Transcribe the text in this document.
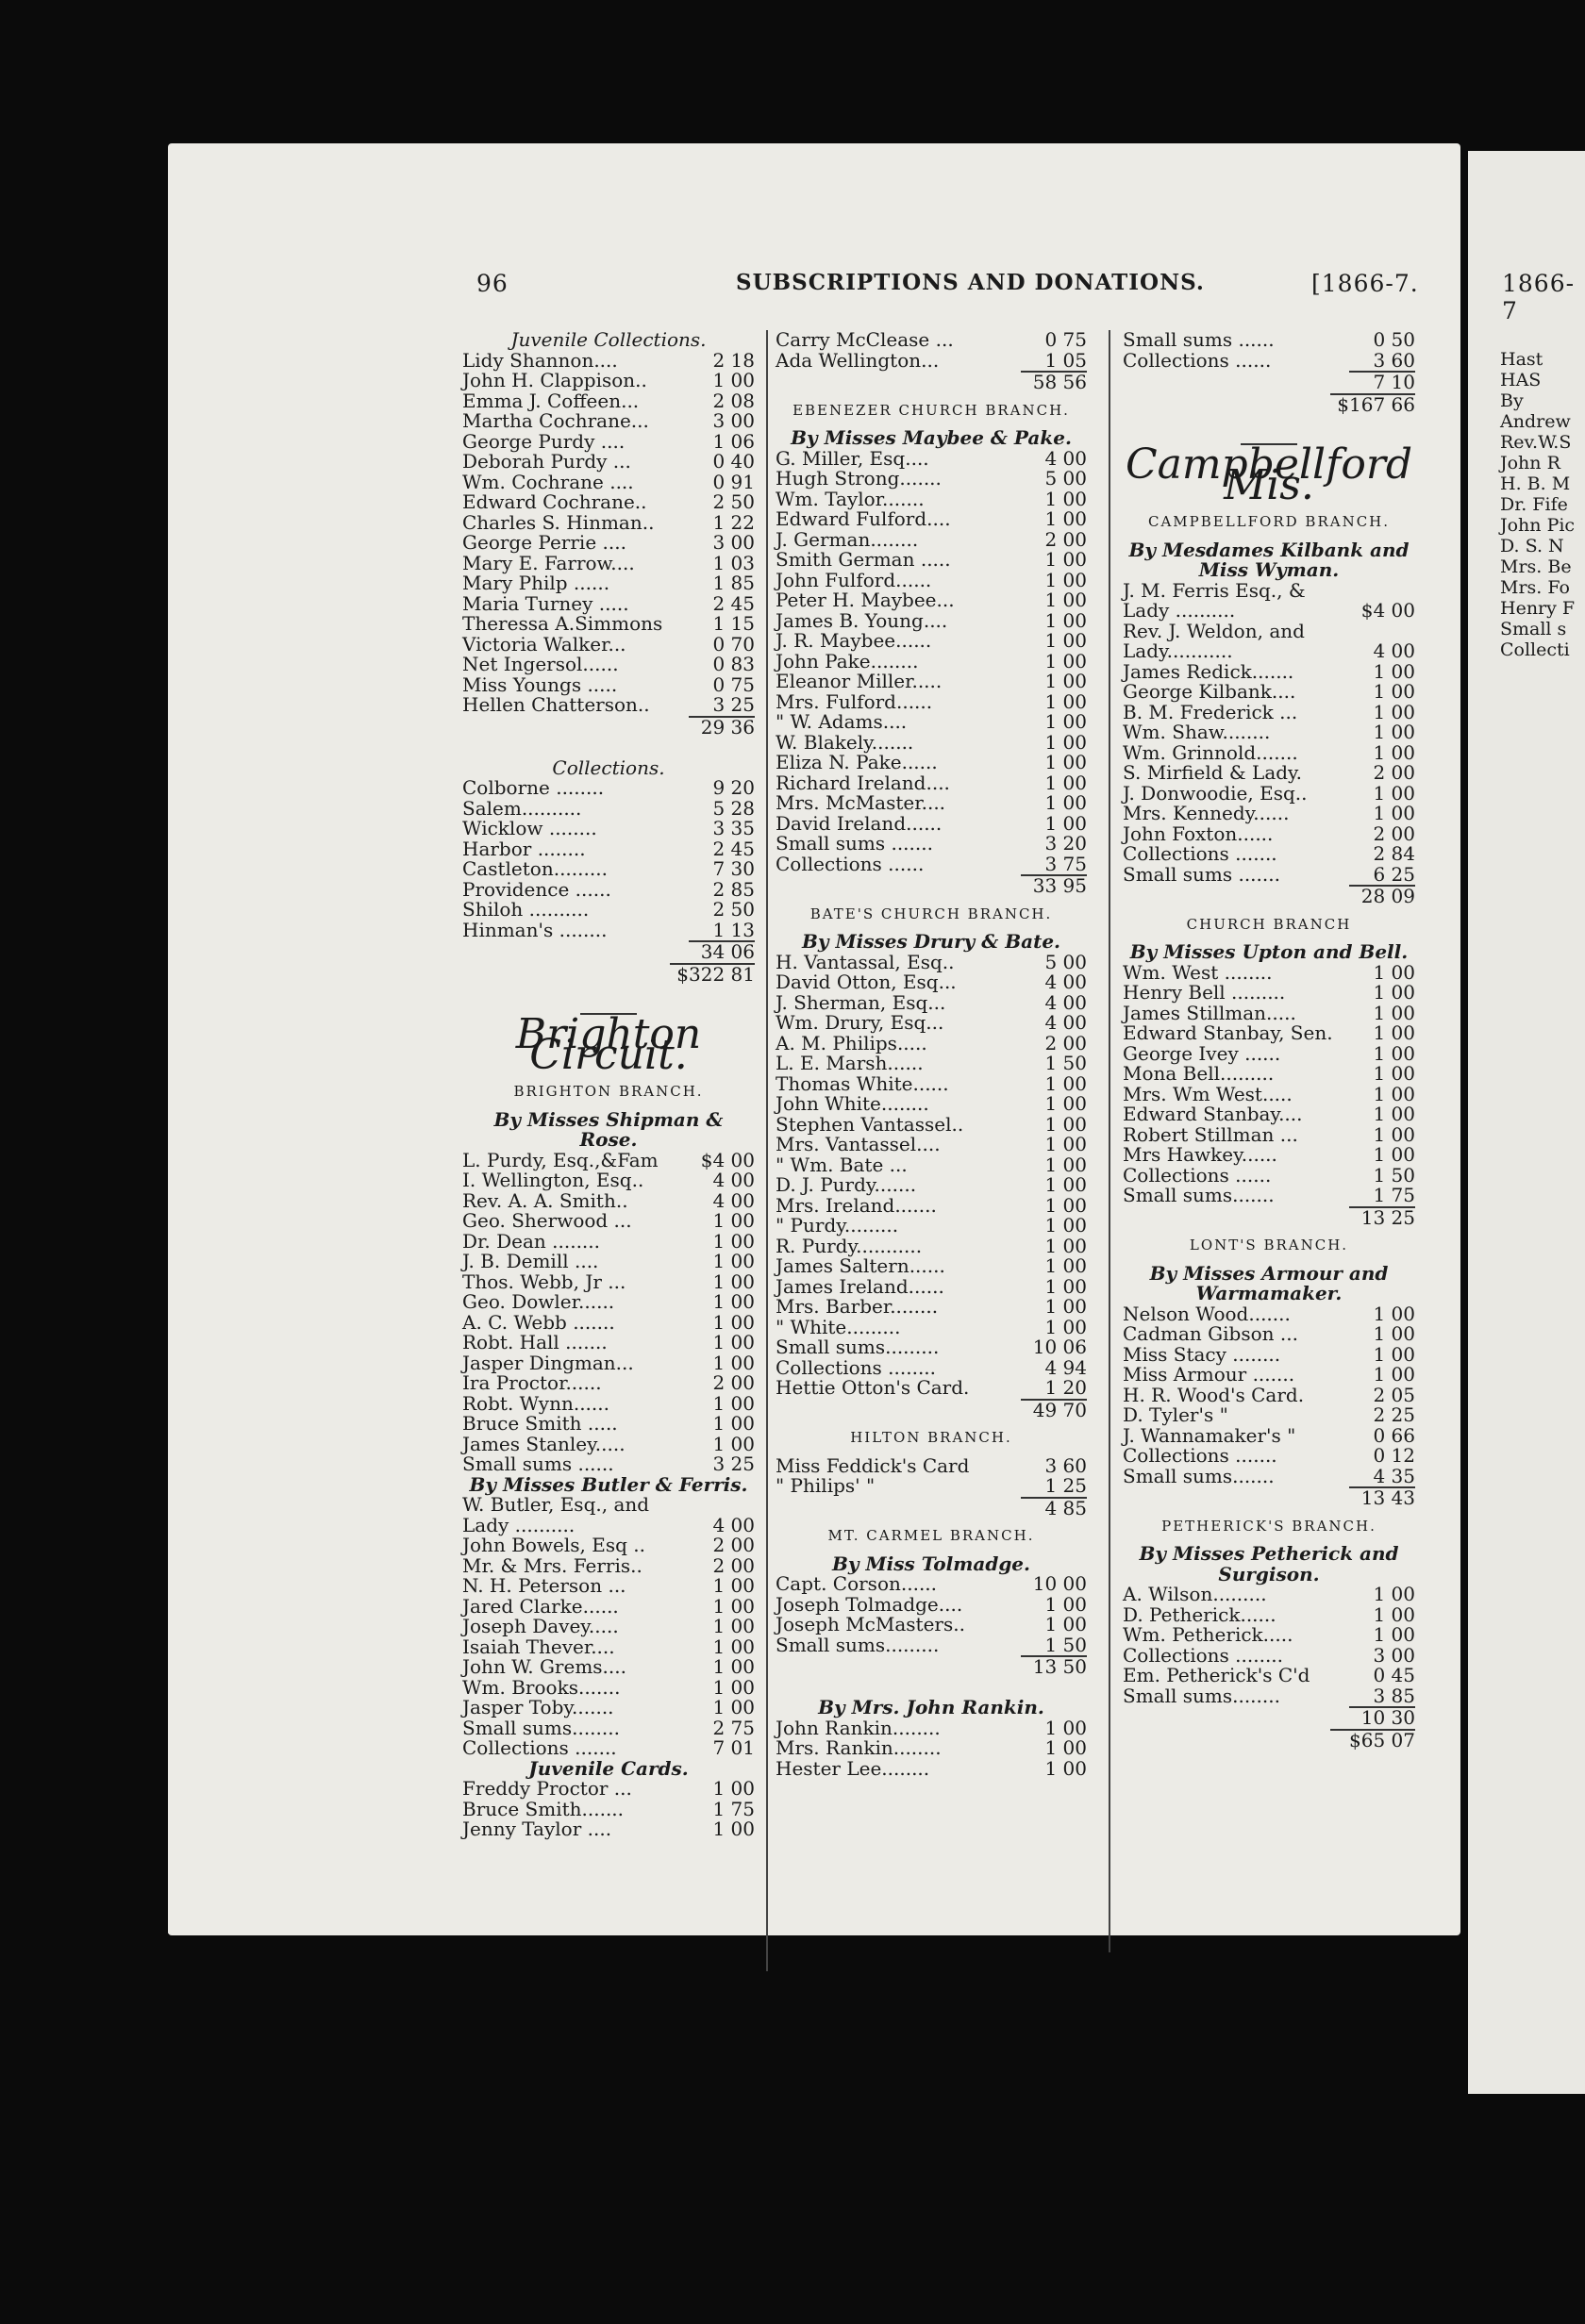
96	SUBSCRIPTIONS AND DONATIONS.	[1866-7.	1866-7
Juvenile Collections.
Lidy Shannon....	2 18
John H. Clappison..	1 00
Emma J. Coffeen...	2 08
Martha Cochrane...	3 00
George Purdy ....	1 06
Deborah Purdy ...	0 40
Wm. Cochrane ....	0 91
Edward Cochrane..	2 50
Charles S. Hinman..	1 22
George Perrie ....	3 00
Mary E. Farrow....	1 03
Mary Philp ......	1 85
Maria Turney .....	2 45
Theressa A.Simmons	1 15
Victoria Walker...	0 70
Net Ingersol......	0 83
Miss Youngs .....	0 75
Hellen Chatterson..	3 25
29 36

Collections.
Colborne ........	9 20
Salem..........	5 28
Wicklow ........	3 35
Harbor ........	2 45
Castleton.........	7 30
Providence ......	2 85
Shiloh ..........	2 50
Hinman's ........	1 13
34 06
$322 81
Brighton Circuit.
BRIGHTON BRANCH.
By Misses Shipman & Rose.
L. Purdy, Esq.,&Fam	$4 00
I. Wellington, Esq..	4 00
Rev. A. A. Smith..	4 00
Geo. Sherwood ...	1 00
Dr. Dean ........	1 00
J. B. Demill ....	1 00
Thos. Webb, Jr ...	1 00
Geo. Dowler......	1 00
A. C. Webb .......	1 00
Robt. Hall .......	1 00
Jasper Dingman...	1 00
Ira Proctor......	2 00
Robt. Wynn......	1 00
Bruce Smith .....	1 00
James Stanley.....	1 00
Small sums ......	3 25
By Misses Butler & Ferris.
W. Butler, Esq., and
Lady ..........	4 00
John Bowels, Esq ..	2 00
Mr. & Mrs. Ferris..	2 00
N. H. Peterson ...	1 00
Jared Clarke......	1 00
Joseph Davey.....	1 00
Isaiah Thever....	1 00
John W. Grems....	1 00
Wm. Brooks.......	1 00
Jasper Toby.......	1 00
Small sums........	2 75
Collections .......	7 01
Juvenile Cards.
Freddy Proctor ...	1 00
Bruce Smith.......	1 75
Jenny Taylor ....	1 00
Carry McClease ...	0 75
Ada Wellington...	1 05
58 56
EBENEZER CHURCH BRANCH.
By Misses Maybee & Pake.
G. Miller, Esq....	4 00
Hugh Strong.......	5 00
Wm. Taylor.......	1 00
Edward Fulford....	1 00
J. German........	2 00
Smith German .....	1 00
John Fulford......	1 00
Peter H. Maybee...	1 00
James B. Young....	1 00
J. R. Maybee......	1 00
John Pake........	1 00
Eleanor Miller.....	1 00
Mrs. Fulford......	1 00
" W. Adams....	1 00
W. Blakely.......	1 00
Eliza N. Pake......	1 00
Richard Ireland....	1 00
Mrs. McMaster....	1 00
David Ireland......	1 00
Small sums .......	3 20
Collections ......	3 75
33 95
BATE'S CHURCH BRANCH.
By Misses Drury & Bate.
H. Vantassal, Esq..	5 00
David Otton, Esq...	4 00
J. Sherman, Esq...	4 00
Wm. Drury, Esq...	4 00
A. M. Philips.....	2 00
L. E. Marsh......	1 50
Thomas White......	1 00
John White........	1 00
Stephen Vantassel..	1 00
Mrs. Vantassel....	1 00
" Wm. Bate ...	1 00
D. J. Purdy.......	1 00
Mrs. Ireland.......	1 00
" Purdy.........	1 00
R. Purdy...........	1 00
James Saltern......	1 00
James Ireland......	1 00
Mrs. Barber........	1 00
" White.........	1 00
Small sums.........	10 06
Collections ........	4 94
Hettie Otton's Card.	1 20
49 70
HILTON BRANCH.
Miss Feddick's Card	3 60
" Philips' "	1 25
4 85
MT. CARMEL BRANCH.
By Miss Tolmadge.
Capt. Corson......	10 00
Joseph Tolmadge....	1 00
Joseph McMasters..	1 00
Small sums.........	1 50
13 50

By Mrs. John Rankin.
John Rankin........	1 00
Mrs. Rankin........	1 00
Hester Lee........	1 00
Small sums ......	0 50
Collections ......	3 60
7 10
$167 66
Campbellford Mis.
CAMPBELLFORD BRANCH.
By Mesdames Kilbank and Miss Wyman.
J. M. Ferris Esq., &
Lady ..........	$4 00
Rev. J. Weldon, and
Lady...........	4 00
James Redick.......	1 00
George Kilbank....	1 00
B. M. Frederick ...	1 00
Wm. Shaw........	1 00
Wm. Grinnold.......	1 00
S. Mirfield & Lady.	2 00
J. Donwoodie, Esq..	1 00
Mrs. Kennedy......	1 00
John Foxton......	2 00
Collections .......	2 84
Small sums .......	6 25
28 09
CHURCH BRANCH
By Misses Upton and Bell.
Wm. West ........	1 00
Henry Bell .........	1 00
James Stillman.....	1 00
Edward Stanbay, Sen.	1 00
George Ivey ......	1 00
Mona Bell.........	1 00
Mrs. Wm West.....	1 00
Edward Stanbay....	1 00
Robert Stillman ...	1 00
Mrs Hawkey......	1 00
Collections ......	1 50
Small sums.......	1 75
13 25
LONT'S BRANCH.
By Misses Armour and Warmamaker.
Nelson Wood.......	1 00
Cadman Gibson ...	1 00
Miss Stacy ........	1 00
Miss Armour .......	1 00
H. R. Wood's Card.	2 05
D. Tyler's "	2 25
J. Wannamaker's "	0 66
Collections .......	0 12
Small sums.......	4 35
13 43
PETHERICK'S BRANCH.
By Misses Petherick and Surgison.
A. Wilson.........	1 00
D. Petherick......	1 00
Wm. Petherick.....	1 00
Collections ........	3 00
Em. Petherick's C'd	0 45
Small sums........	3 85
10 30
$65 07
Hast
HAS
By
Andrew
Rev.W.S
John R
H. B. M
Dr. Fife
John Pic
D. S. N
Mrs. Be
Mrs. Fo
Henry F
Small s
Collecti
